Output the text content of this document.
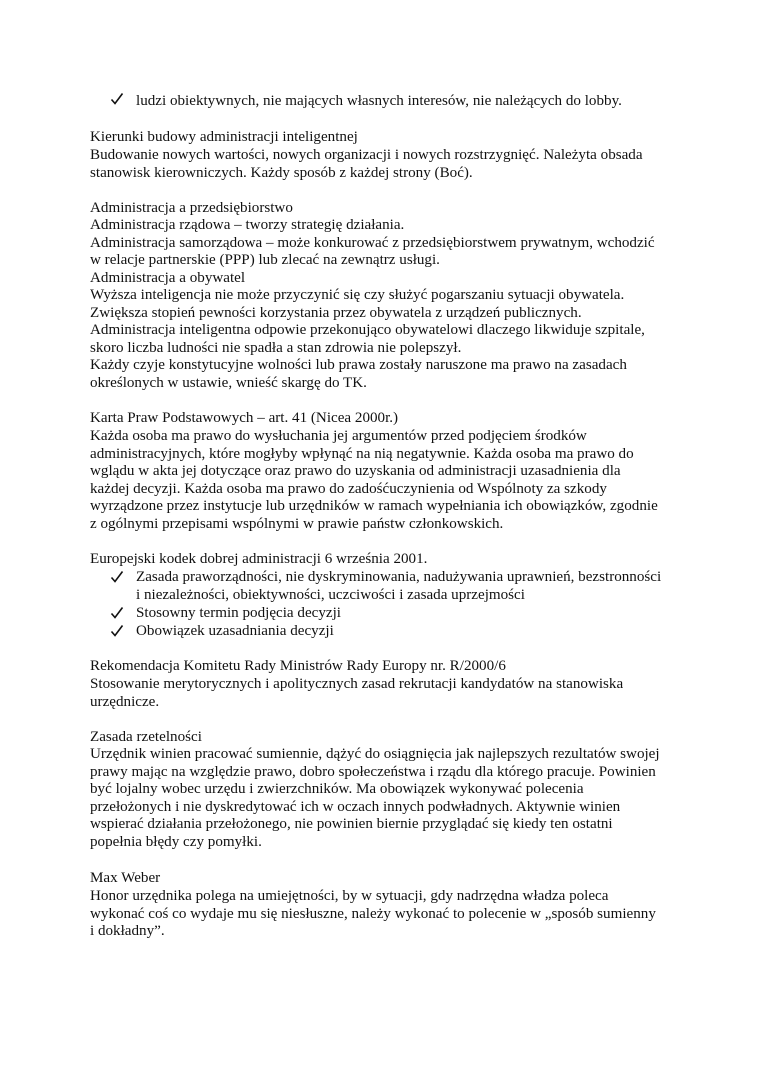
ludzi obiektywnych, nie mających własnych interesów, nie należących do lobby.

Kierunki budowy administracji inteligentnej

Budowanie nowych wartości, nowych organizacji i nowych rozstrzygnięć. Należyta obsada
stanowisk kierowniczych. Każdy sposób z każdej strony (Boć).

Administracja a przedsiębiorstwo

Administracja rządowa – tworzy strategię działania.
Administracja samorządowa – może konkurować z przedsiębiorstwem prywatnym, wchodzić
w relacje partnerskie (PPP) lub zlecać na zewnątrz usługi.

Administracja a obywatel

Wyższa inteligencja nie może przyczynić się czy służyć pogarszaniu sytuacji obywatela.
Zwiększa stopień pewności korzystania przez obywatela z urządzeń publicznych.
Administracja inteligentna odpowie przekonująco obywatelowi dlaczego likwiduje szpitale,
skoro liczba ludności nie spadła a stan zdrowia nie polepszył.
Każdy czyje konstytucyjne wolności lub prawa zostały naruszone ma prawo na zasadach
określonych w ustawie, wnieść skargę do TK.

Karta Praw Podstawowych – art. 41 (Nicea 2000r.)

Każda osoba ma prawo do wysłuchania jej argumentów przed podjęciem środków
administracyjnych, które mogłyby wpłynąć na nią negatywnie. Każda osoba ma prawo do
wglądu w akta jej dotyczące oraz prawo do uzyskania od administracji uzasadnienia dla
każdej decyzji. Każda osoba ma prawo do zadośćuczynienia od Wspólnoty za szkody
wyrządzone przez instytucje lub urzędników w ramach wypełniania ich obowiązków, zgodnie
z ogólnymi przepisami wspólnymi w prawie państw członkowskich.

Europejski kodek dobrej administracji 6 września 2001.

Zasada praworządności, nie dyskryminowania, nadużywania uprawnień, bezstronności
i niezależności, obiektywności, uczciwości i zasada uprzejmości

Stosowny termin podjęcia decyzji

Obowiązek uzasadniania decyzji

Rekomendacja Komitetu Rady Ministrów Rady Europy nr. R/2000/6

Stosowanie merytorycznych i apolitycznych zasad rekrutacji kandydatów na stanowiska
urzędnicze.

Zasada rzetelności

Urzędnik winien pracować sumiennie, dążyć do osiągnięcia jak najlepszych rezultatów swojej
prawy mając na względzie prawo, dobro społeczeństwa i rządu dla którego pracuje. Powinien
być lojalny wobec urzędu i zwierzchników. Ma obowiązek wykonywać polecenia
przełożonych i nie dyskredytować ich w oczach innych podwładnych. Aktywnie winien
wspierać działania przełożonego, nie powinien biernie przyglądać się kiedy ten ostatni
popełnia błędy czy pomyłki.

Max Weber

Honor urzędnika polega na umiejętności, by w sytuacji, gdy nadrzędna władza poleca
wykonać coś co wydaje mu się niesłuszne, należy wykonać to polecenie w „sposób sumienny
i dokładny”.
